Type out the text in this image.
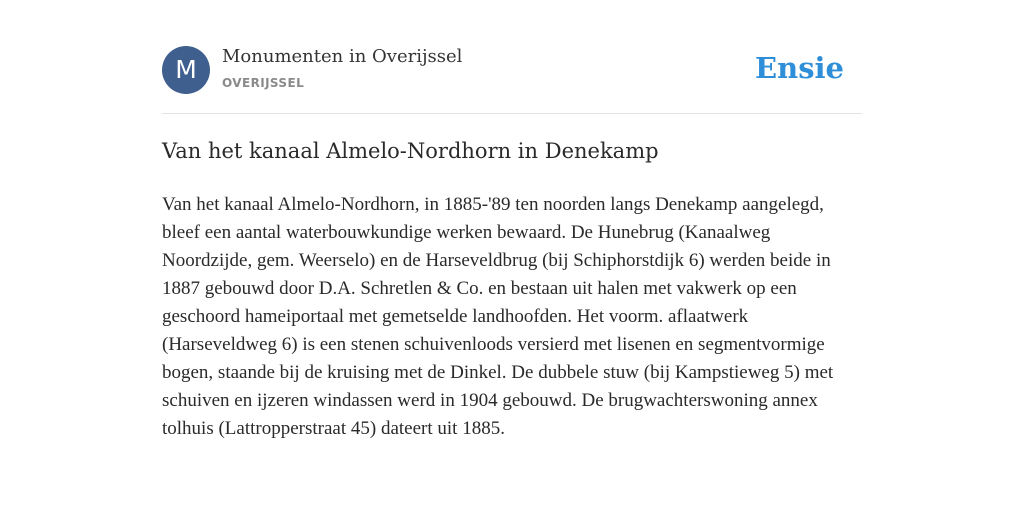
M	Monumenten in Overijssel
OVERIJSSEL	Ensie
Van het kanaal Almelo-Nordhorn in Denekamp

Van het kanaal Almelo-Nordhorn, in 1885-'89 ten noorden langs Denekamp aangelegd, bleef een aantal waterbouwkundige werken bewaard. De Hunebrug (Kanaalweg Noordzijde, gem. Weerselo) en de Harseveldbrug (bij Schiphorstdijk 6) werden beide in 1887 gebouwd door D.A. Schretlen & Co. en bestaan uit halen met vakwerk op een geschoord hameiportaal met gemetselde landhoofden. Het voorm. aflaatwerk (Harseveldweg 6) is een stenen schuivenloods versierd met lisenen en segmentvormige bogen, staande bij de kruising met de Dinkel. De dubbele stuw (bij Kampstieweg 5) met schuiven en ijzeren windassen werd in 1904 gebouwd. De brugwachterswoning annex tolhuis (Lattropperstraat 45) dateert uit 1885.
